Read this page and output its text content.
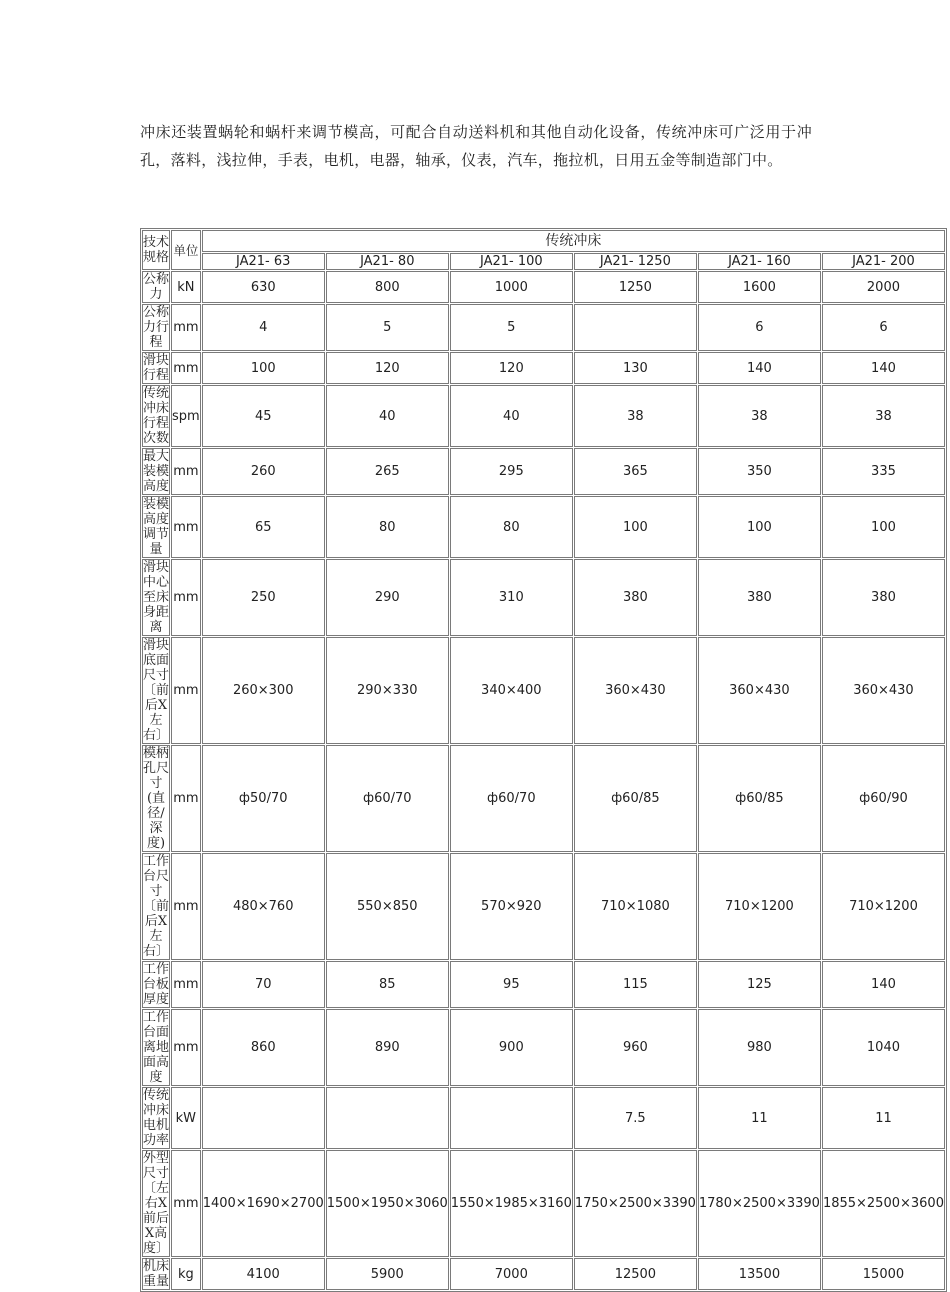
冲床还装置蜗轮和蜗杆来调节模高，可配合自动送料机和其他自动化设备，传统冲床可广泛用于冲孔，落料，浅拉伸，手表，电机，电器，轴承，仪表，汽车，拖拉机，日用五金等制造部门中。

技术规格	单位	传统冲床					
		JA21- 63	JA21- 80	JA21- 100	JA21- 1250	JA21- 160	JA21- 200
公称力	kN	630	800	1000	1250	1600	2000
公称力行程	mm	4	5	5		6	6
滑块行程	mm	100	120	120	130	140	140
传统冲床行程次数	spm	45	40	40	38	38	38
最大装模高度	mm	260	265	295	365	350	335
装模高度调节量	mm	65	80	80	100	100	100
滑块中心至床身距离	mm	250	290	310	380	380	380
滑块底面尺寸〔前后X左右〕	mm	260×300	290×330	340×400	360×430	360×430	360×430
模柄孔尺寸(直径/深度)	mm	ф50/70	ф60/70	ф60/70	ф60/85	ф60/85	ф60/90
工作台尺寸〔前后X左右〕	mm	480×760	550×850	570×920	710×1080	710×1200	710×1200
工作台板厚度	mm	70	85	95	115	125	140
工作台面离地面高度	mm	860	890	900	960	980	1040
传统冲床电机功率	kW				7.5	11	11
外型尺寸〔左右X前后X高度〕	mm	1400×1690×2700	1500×1950×3060	1550×1985×3160	1750×2500×3390	1780×2500×3390	1855×2500×3600
机床重量	kg	4100	5900	7000	12500	13500	15000
